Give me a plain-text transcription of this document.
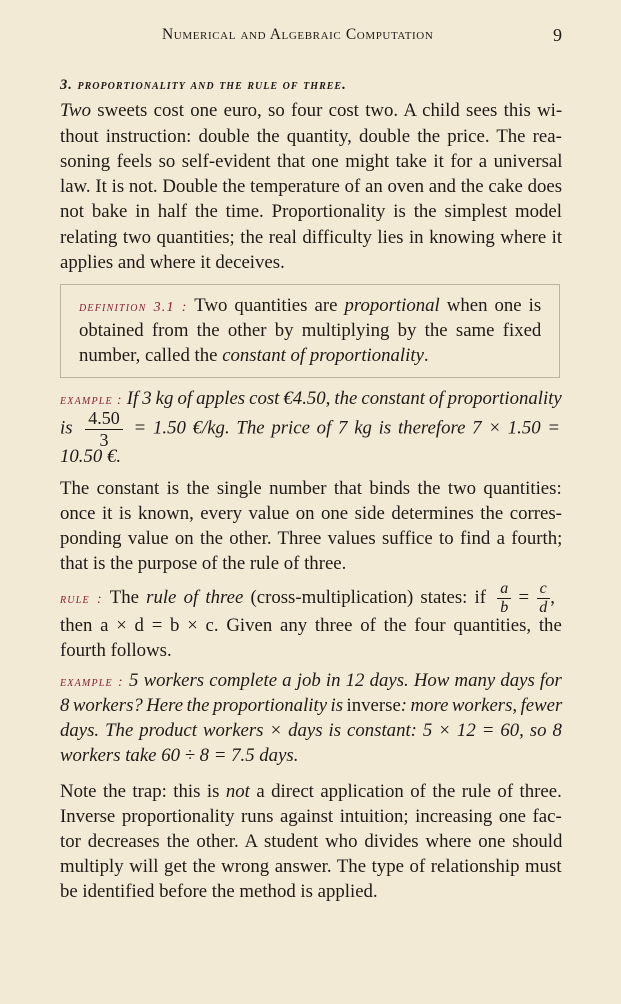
Numerical and Algebraic Computation	9
3. proportionality and the rule of three.
Two sweets cost one euro, so four cost two. A child sees this wi-
thout instruction: double the quantity, double the price. The rea-
soning feels so self-evident that one might take it for a universal
law. It is not. Double the temperature of an oven and the cake does
not bake in half the time. Proportionality is the simplest model
relating two quantities; the real difficulty lies in knowing where it
applies and where it deceives.
definition 3.1 : Two quantities are proportional when one is
obtained from the other by multiplying by the same fixed
number, called the constant of proportionality.
example : If 3 kg of apples cost €4.50, the constant of proportionality
is $\frac{4.50}{3} = 1.50$ €/kg. The price of 7 kg is therefore 7 × 1.50 =
10.50 €.
The constant is the single number that binds the two quantities:
once it is known, every value on one side determines the corres-
ponding value on the other. Three values suffice to find a fourth;
that is the purpose of the rule of three.
rule : The rule of three (cross-multiplication) states: if $\frac{a}{b} = \frac{c}{d}$ ,
then a × d = b × c. Given any three of the four quantities, the
fourth follows.
example : 5 workers complete a job in 12 days. How many days for
8 workers? Here the proportionality is inverse: more workers, fewer
days. The product workers × days is constant: 5 × 12 = 60, so 8
workers take 60 ÷ 8 = 7.5 days.
Note the trap: this is not a direct application of the rule of three.
Inverse proportionality runs against intuition; increasing one fac-
tor decreases the other. A student who divides where one should
multiply will get the wrong answer. The type of relationship must
be identified before the method is applied.
